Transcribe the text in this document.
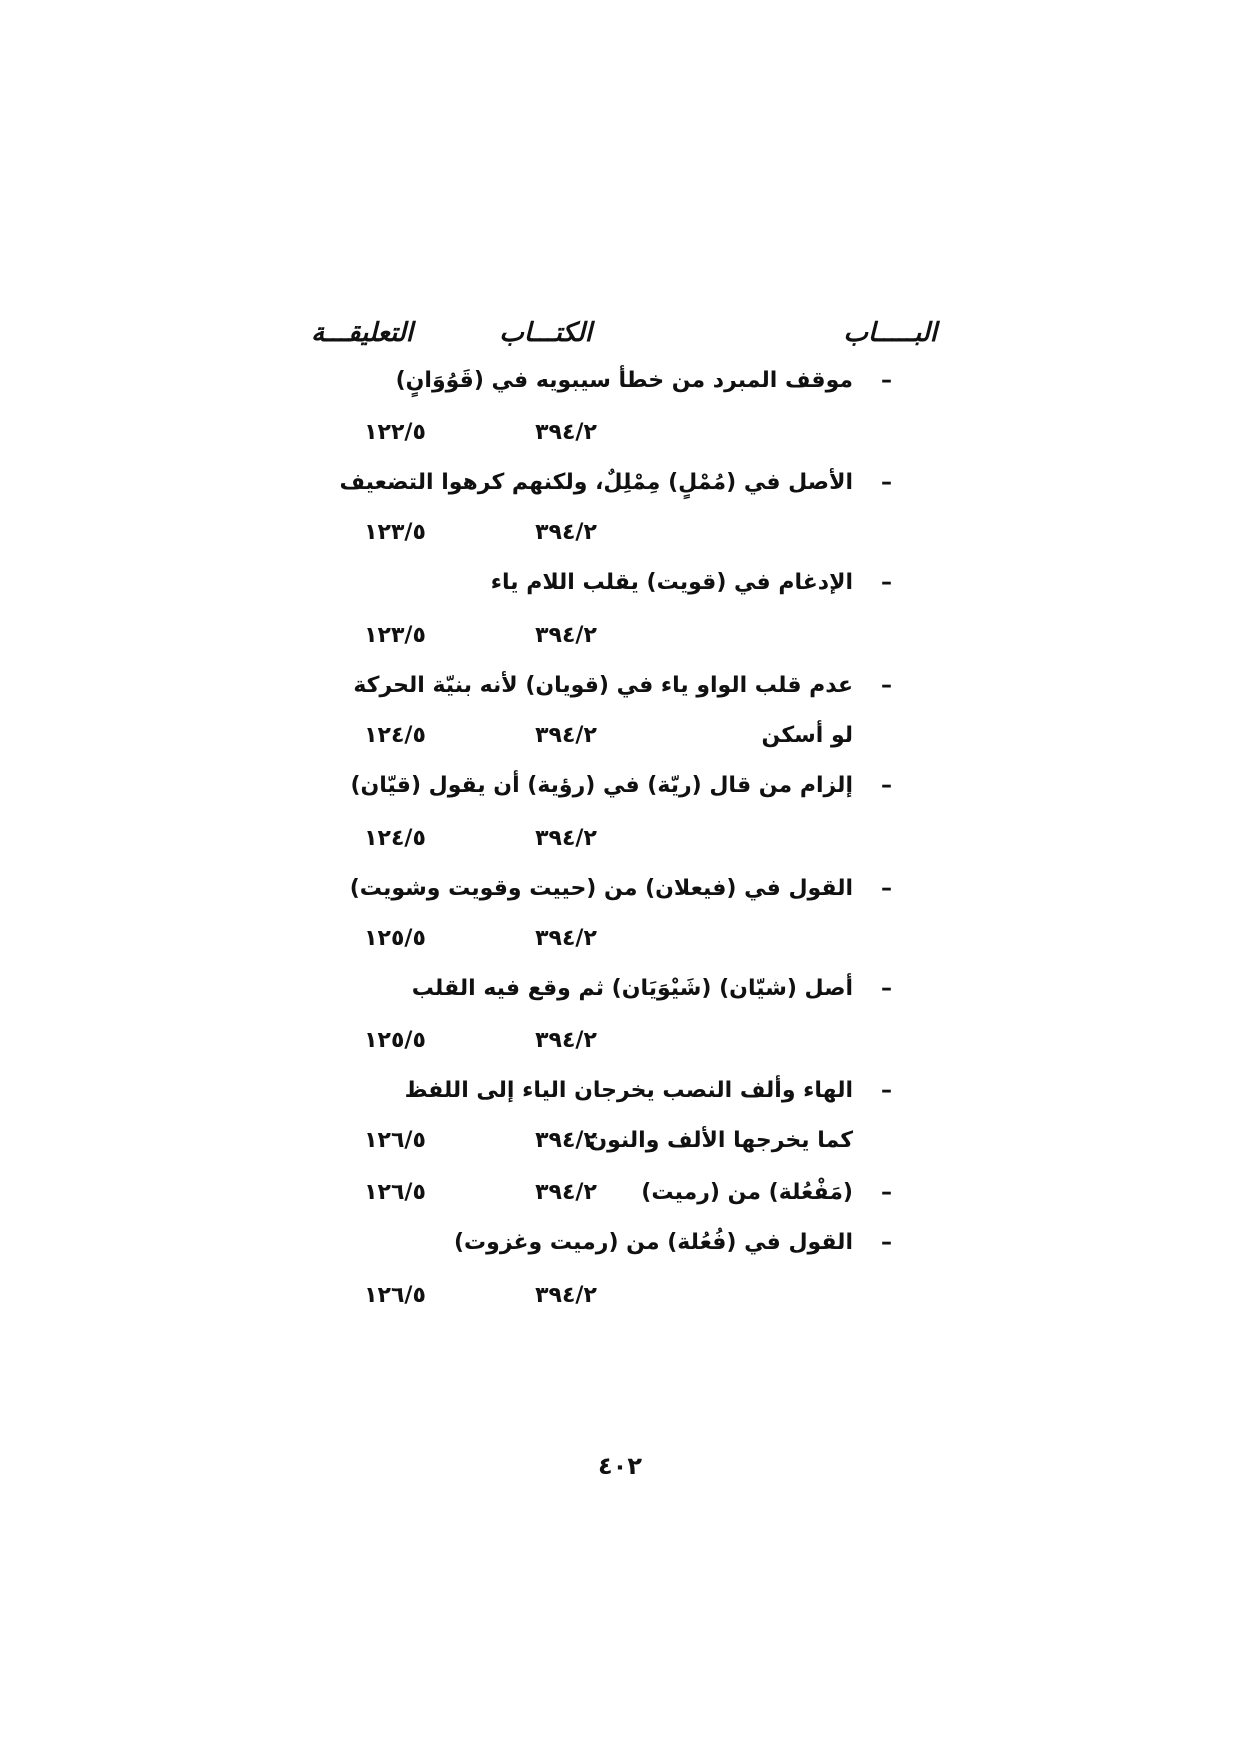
البـــــاب
الكتـــاب
التعليقـــة
–
موقف المبرد من خطأ سيبويه في (قَوُوَانٍ)
٣٩٤/٢
١٢٢/٥
–
الأصل في (مُمْلٍ) مِمْلِلٌ، ولكنهم كرهوا التضعيف
٣٩٤/٢
١٢٣/٥
–
الإدغام في (قويت) يقلب اللام ياء
٣٩٤/٢
١٢٣/٥
–
عدم قلب الواو ياء في (قويان) لأنه بنيّة الحركة
لو أسكن
٣٩٤/٢
١٢٤/٥
–
إلزام من قال (ريّة) في (رؤية) أن يقول (قيّان)
٣٩٤/٢
١٢٤/٥
–
القول في (فيعلان) من (حييت وقويت وشويت)
٣٩٤/٢
١٢٥/٥
–
أصل (شيّان) (شَيْوَيَان) ثم وقع فيه القلب
٣٩٤/٢
١٢٥/٥
–
الهاء وألف النصب يخرجان الياء إلى اللفظ
كما يخرجها الألف والنون
٣٩٤/٢
١٢٦/٥
–
(مَفْعُلة) من (رميت)
٣٩٤/٢
١٢٦/٥
–
القول في (فُعُلة) من (رميت وغزوت)
٣٩٤/٢
١٢٦/٥
٤٠٢
